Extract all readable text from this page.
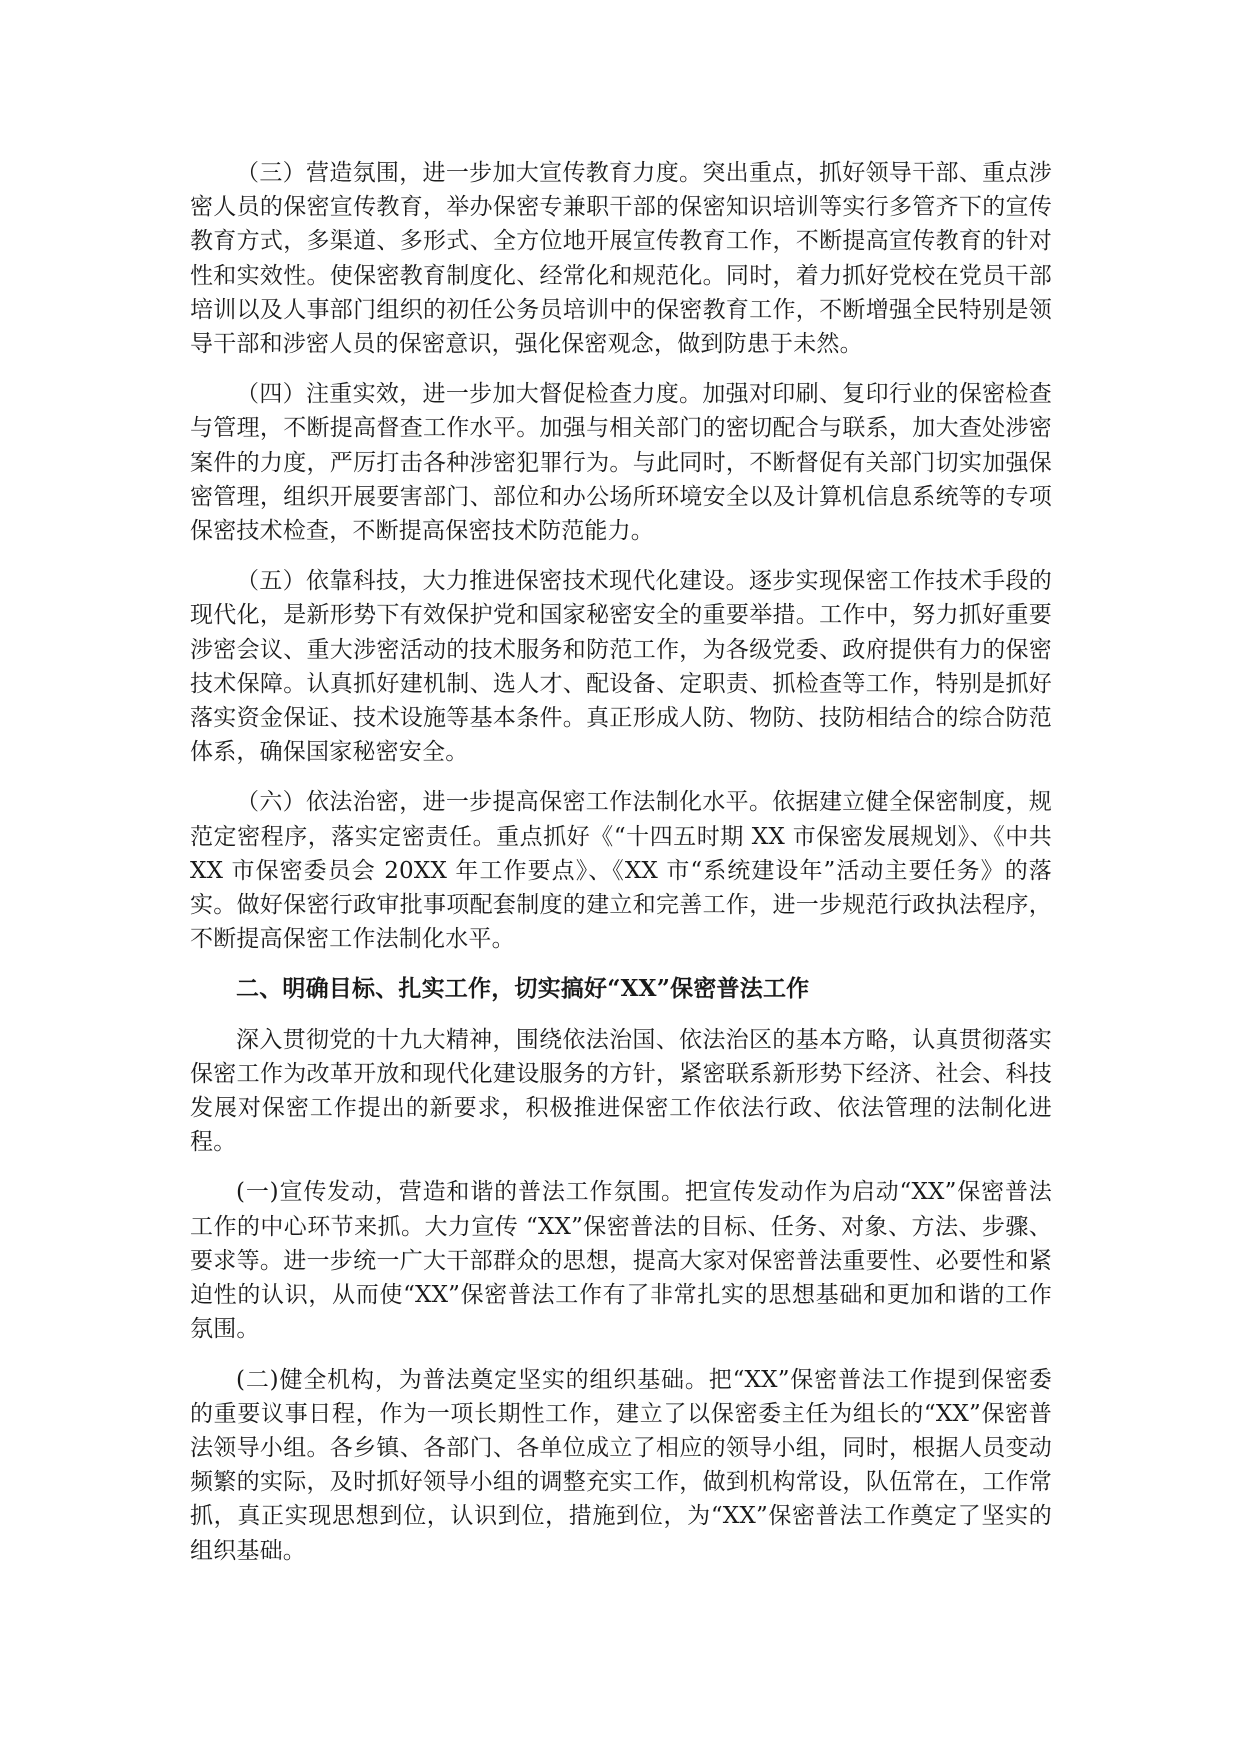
（三）营造氛围，进一步加大宣传教育力度。突出重点，抓好领导干部、重点涉密人员的保密宣传教育，举办保密专兼职干部的保密知识培训等实行多管齐下的宣传教育方式，多渠道、多形式、全方位地开展宣传教育工作，不断提高宣传教育的针对性和实效性。使保密教育制度化、经常化和规范化。同时，着力抓好党校在党员干部培训以及人事部门组织的初任公务员培训中的保密教育工作，不断增强全民特别是领导干部和涉密人员的保密意识，强化保密观念，做到防患于未然。

（四）注重实效，进一步加大督促检查力度。加强对印刷、复印行业的保密检查与管理，不断提高督查工作水平。加强与相关部门的密切配合与联系，加大查处涉密案件的力度，严厉打击各种涉密犯罪行为。与此同时，不断督促有关部门切实加强保密管理，组织开展要害部门、部位和办公场所环境安全以及计算机信息系统等的专项保密技术检查，不断提高保密技术防范能力。

（五）依靠科技，大力推进保密技术现代化建设。逐步实现保密工作技术手段的现代化，是新形势下有效保护党和国家秘密安全的重要举措。工作中，努力抓好重要涉密会议、重大涉密活动的技术服务和防范工作，为各级党委、政府提供有力的保密技术保障。认真抓好建机制、选人才、配设备、定职责、抓检查等工作，特别是抓好落实资金保证、技术设施等基本条件。真正形成人防、物防、技防相结合的综合防范体系，确保国家秘密安全。

（六）依法治密，进一步提高保密工作法制化水平。依据建立健全保密制度，规范定密程序，落实定密责任。重点抓好《“十四五时期 XX 市保密发展规划》、《中共 XX 市保密委员会 20XX 年工作要点》、《XX 市“系统建设年”活动主要任务》的落实。做好保密行政审批事项配套制度的建立和完善工作，进一步规范行政执法程序，不断提高保密工作法制化水平。

二、明确目标、扎实工作，切实搞好“XX”保密普法工作

深入贯彻党的十九大精神，围绕依法治国、依法治区的基本方略，认真贯彻落实保密工作为改革开放和现代化建设服务的方针，紧密联系新形势下经济、社会、科技发展对保密工作提出的新要求，积极推进保密工作依法行政、依法管理的法制化进程。

(一)宣传发动，营造和谐的普法工作氛围。把宣传发动作为启动“XX”保密普法工作的中心环节来抓。大力宣传 “XX”保密普法的目标、任务、对象、方法、步骤、要求等。进一步统一广大干部群众的思想，提高大家对保密普法重要性、必要性和紧迫性的认识，从而使“XX”保密普法工作有了非常扎实的思想基础和更加和谐的工作氛围。

(二)健全机构，为普法奠定坚实的组织基础。把“XX”保密普法工作提到保密委的重要议事日程，作为一项长期性工作，建立了以保密委主任为组长的“XX”保密普法领导小组。各乡镇、各部门、各单位成立了相应的领导小组，同时，根据人员变动频繁的实际，及时抓好领导小组的调整充实工作，做到机构常设，队伍常在，工作常抓，真正实现思想到位，认识到位，措施到位，为“XX”保密普法工作奠定了坚实的组织基础。
